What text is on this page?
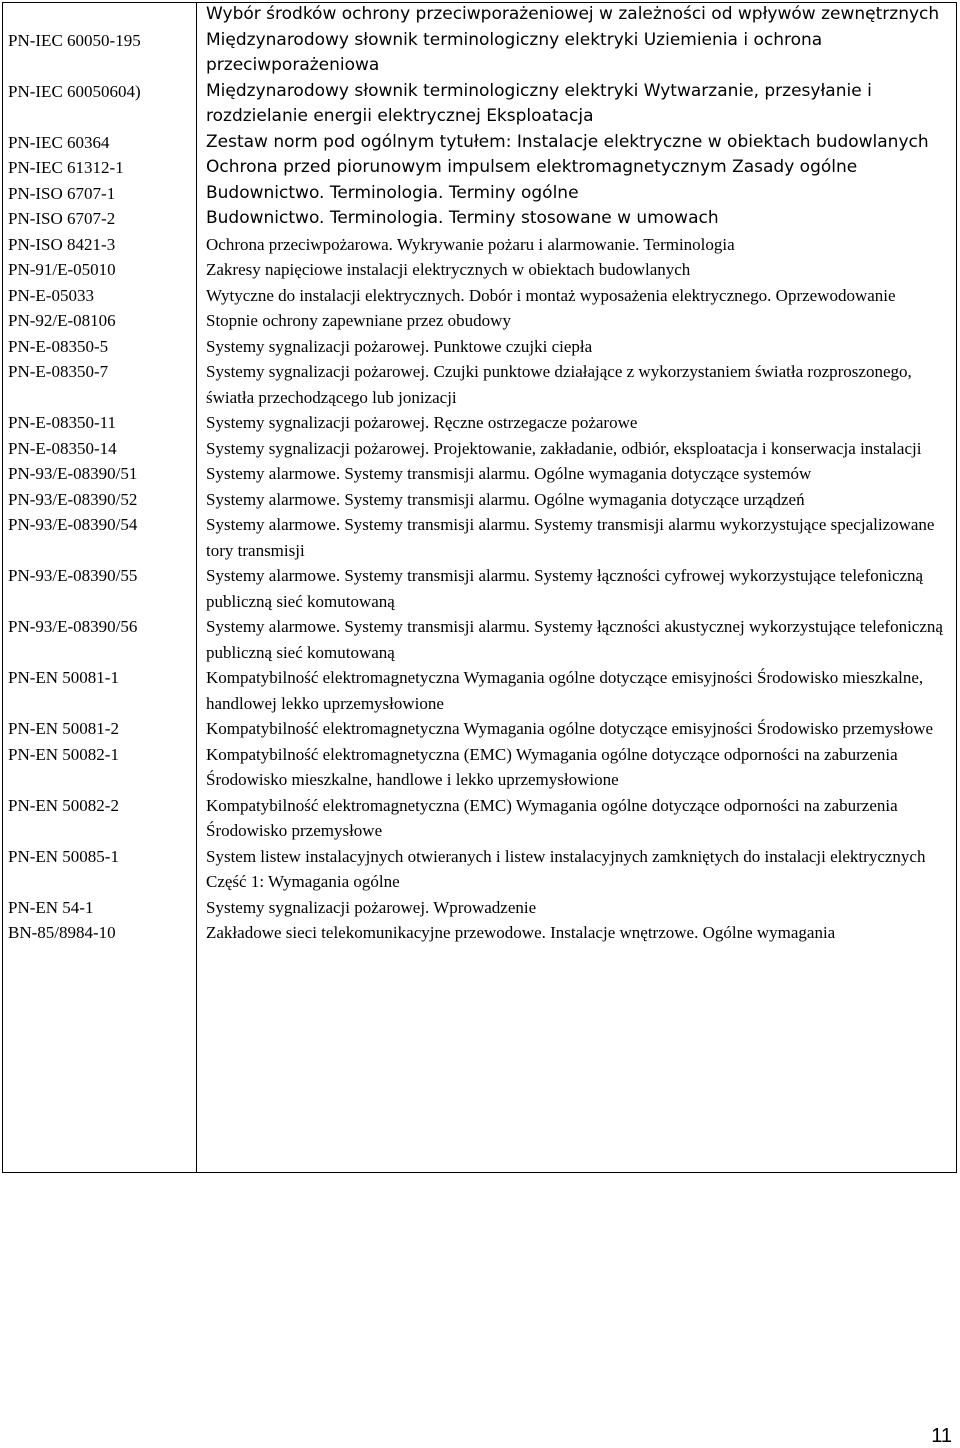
	Wybór środków ochrony przeciwporażeniowej w zależności od wpływów zewnętrznych
PN-IEC 60050-195	Międzynarodowy słownik terminologiczny elektryki Uziemienia i ochrona przeciwporażeniowa
PN-IEC 60050604)	Międzynarodowy słownik terminologiczny elektryki Wytwarzanie, przesyłanie i rozdzielanie energii elektrycznej Eksploatacja
PN-IEC 60364	Zestaw norm pod ogólnym tytułem: Instalacje elektryczne w obiektach budowlanych
PN-IEC 61312-1	Ochrona przed piorunowym impulsem elektromagnetycznym Zasady ogólne
PN-ISO 6707-1	Budownictwo. Terminologia. Terminy ogólne
PN-ISO 6707-2	Budownictwo. Terminologia. Terminy stosowane w umowach
PN-ISO 8421-3	Ochrona przeciwpożarowa. Wykrywanie pożaru i alarmowanie. Terminologia
PN-91/E-05010	Zakresy napięciowe instalacji elektrycznych w obiektach budowlanych
PN-E-05033	Wytyczne do instalacji elektrycznych. Dobór i montaż wyposażenia elektrycznego. Oprzewodowanie
PN-92/E-08106	Stopnie ochrony zapewniane przez obudowy
PN-E-08350-5	Systemy sygnalizacji pożarowej. Punktowe czujki ciepła
PN-E-08350-7	Systemy sygnalizacji pożarowej. Czujki punktowe działające z wykorzystaniem światła rozproszonego, światła przechodzącego lub jonizacji
PN-E-08350-11	Systemy sygnalizacji pożarowej. Ręczne ostrzegacze pożarowe
PN-E-08350-14	Systemy sygnalizacji pożarowej. Projektowanie, zakładanie, odbiór, eksploatacja i konserwacja instalacji
PN-93/E-08390/51	Systemy alarmowe. Systemy transmisji alarmu. Ogólne wymagania dotyczące systemów
PN-93/E-08390/52	Systemy alarmowe. Systemy transmisji alarmu. Ogólne wymagania dotyczące urządzeń
PN-93/E-08390/54	Systemy alarmowe. Systemy transmisji alarmu. Systemy transmisji alarmu wykorzystujące specjalizowane tory transmisji
PN-93/E-08390/55	Systemy alarmowe. Systemy transmisji alarmu. Systemy łączności cyfrowej wykorzystujące telefoniczną publiczną sieć komutowaną
PN-93/E-08390/56	Systemy alarmowe. Systemy transmisji alarmu. Systemy łączności akustycznej wykorzystujące telefoniczną publiczną sieć komutowaną
PN-EN 50081-1	Kompatybilność elektromagnetyczna Wymagania ogólne dotyczące emisyjności Środowisko mieszkalne, handlowej lekko uprzemysłowione
PN-EN 50081-2	Kompatybilność elektromagnetyczna Wymagania ogólne dotyczące emisyjności Środowisko przemysłowe
PN-EN 50082-1	Kompatybilność elektromagnetyczna (EMC) Wymagania ogólne dotyczące odporności na zaburzenia Środowisko mieszkalne, handlowe i lekko uprzemysłowione
PN-EN 50082-2	Kompatybilność elektromagnetyczna (EMC) Wymagania ogólne dotyczące odporności na zaburzenia Środowisko przemysłowe
PN-EN 50085-1	System listew instalacyjnych otwieranych i listew instalacyjnych zamkniętych do instalacji elektrycznych Część 1: Wymagania ogólne
PN-EN 54-1	Systemy sygnalizacji pożarowej. Wprowadzenie
BN-85/8984-10	Zakładowe sieci telekomunikacyjne przewodowe. Instalacje wnętrzowe. Ogólne wymagania
11
